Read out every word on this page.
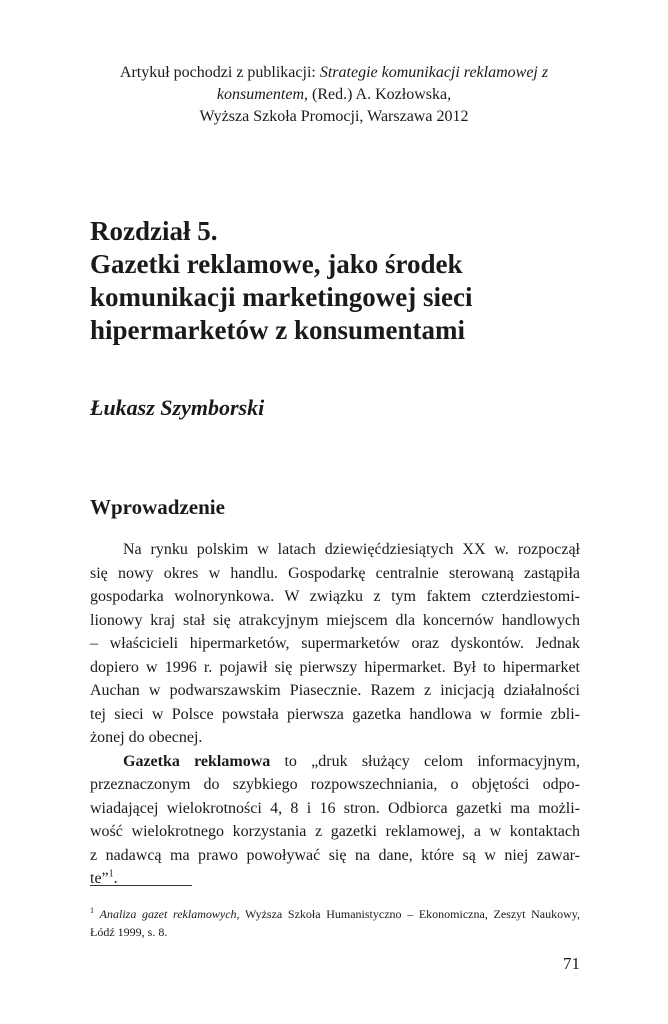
Artykuł pochodzi z publikacji: Strategie komunikacji reklamowej z
konsumentem, (Red.) A. Kozłowska,
Wyższa Szkoła Promocji, Warszawa 2012
Rozdział 5.
Gazetki reklamowe, jako środek
komunikacji marketingowej sieci
hipermarketów z konsumentami
Łukasz Szymborski
Wprowadzenie

Na rynku polskim w latach dziewięćdziesiątych XX w. rozpoczął
się nowy okres w handlu. Gospodarkę centralnie sterowaną zastąpiła
gospodarka wolnorynkowa. W związku z tym faktem czterdziestomi-
lionowy kraj stał się atrakcyjnym miejscem dla koncernów handlowych
– właścicieli hipermarketów, supermarketów oraz dyskontów. Jednak
dopiero w 1996 r. pojawił się pierwszy hipermarket. Był to hipermarket
Auchan w podwarszawskim Piasecznie. Razem z inicjacją działalności
tej sieci w Polsce powstała pierwsza gazetka handlowa w formie zbli-
żonej do obecnej.

Gazetka reklamowa to „druk służący celom informacyjnym,
przeznaczonym do szybkiego rozpowszechniania, o objętości odpo-
wiadającej wielokrotności 4, 8 i 16 stron. Odbiorca gazetki ma możli-
wość wielokrotnego korzystania z gazetki reklamowej, a w kontaktach
z nadawcą ma prawo powoływać się na dane, które są w niej zawar-
te”$^1$.

$^1$ Analiza gazet reklamowych, Wyższa Szkoła Humanistyczno – Ekonomiczna, Zeszyt Naukowy,
Łódź 1999, s. 8.
71
